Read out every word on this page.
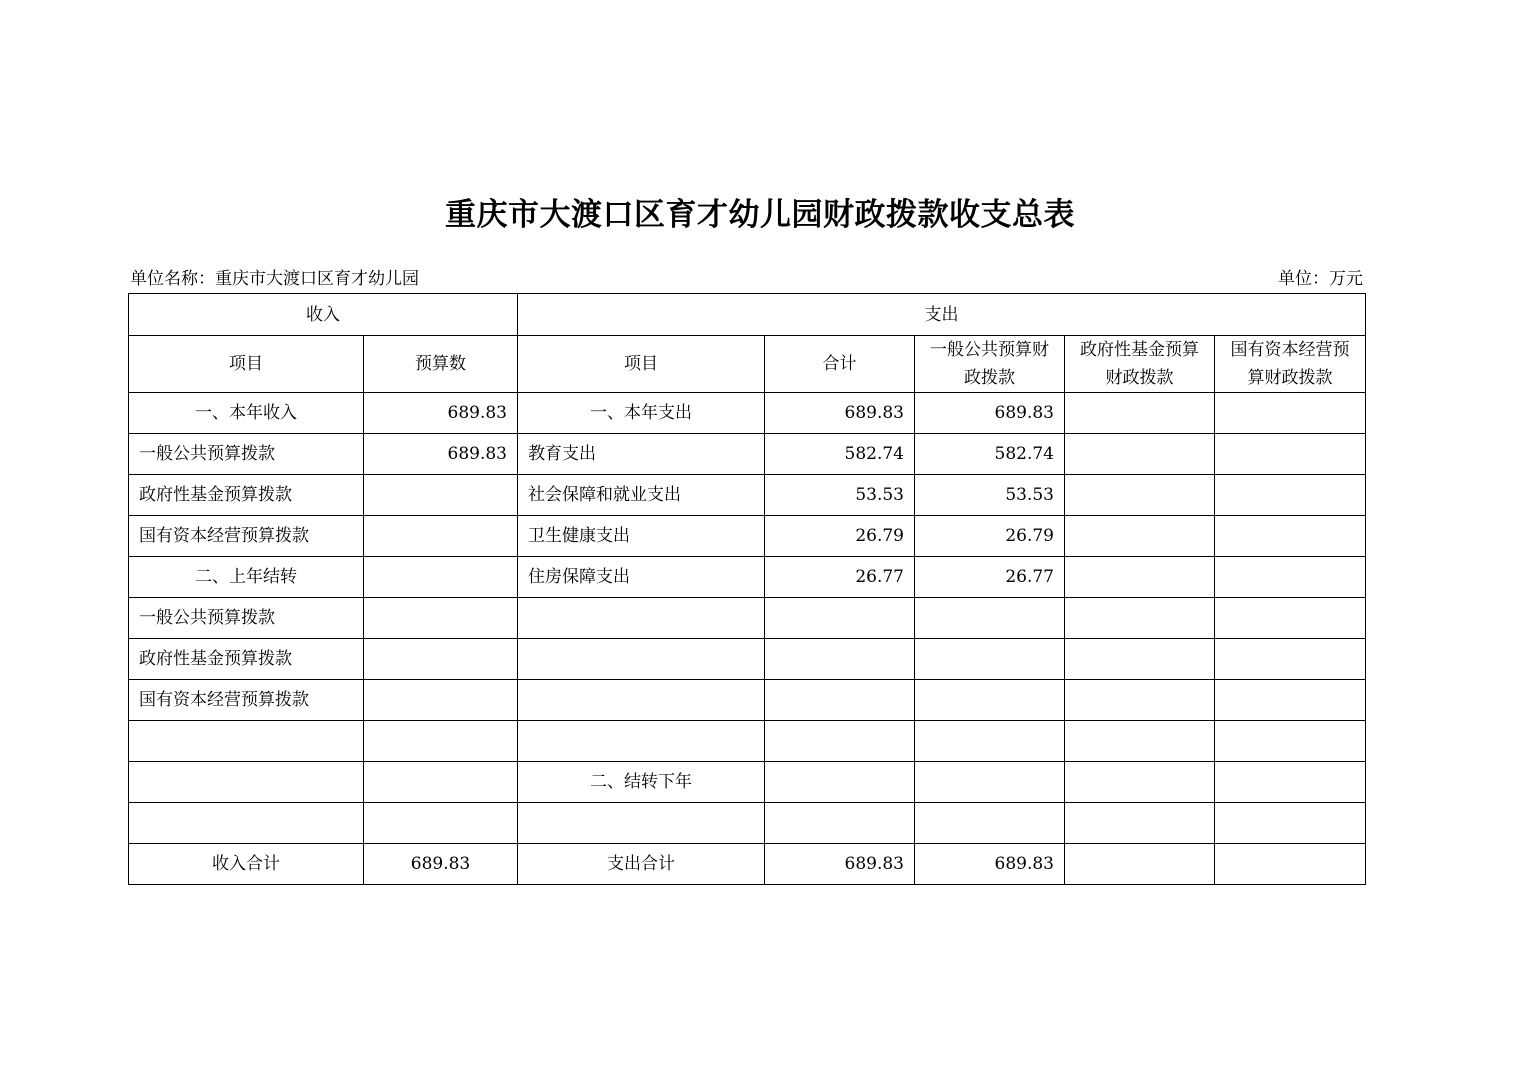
重庆市大渡口区育才幼儿园财政拨款收支总表
单位名称：重庆市大渡口区育才幼儿园	单位：万元
收入		支出				
项目	预算数	项目	合计	一般公共预算财政拨款	政府性基金预算财政拨款	国有资本经营预算财政拨款
一、本年收入	689.83	一、本年支出	689.83	689.83		
一般公共预算拨款	689.83	教育支出	582.74	582.74		
政府性基金预算拨款		社会保障和就业支出	53.53	53.53		
国有资本经营预算拨款		卫生健康支出	26.79	26.79		
二、上年结转		住房保障支出	26.77	26.77		
一般公共预算拨款						
政府性基金预算拨款						
国有资本经营预算拨款						

		二、结转下年				

收入合计	689.83	支出合计	689.83	689.83		
